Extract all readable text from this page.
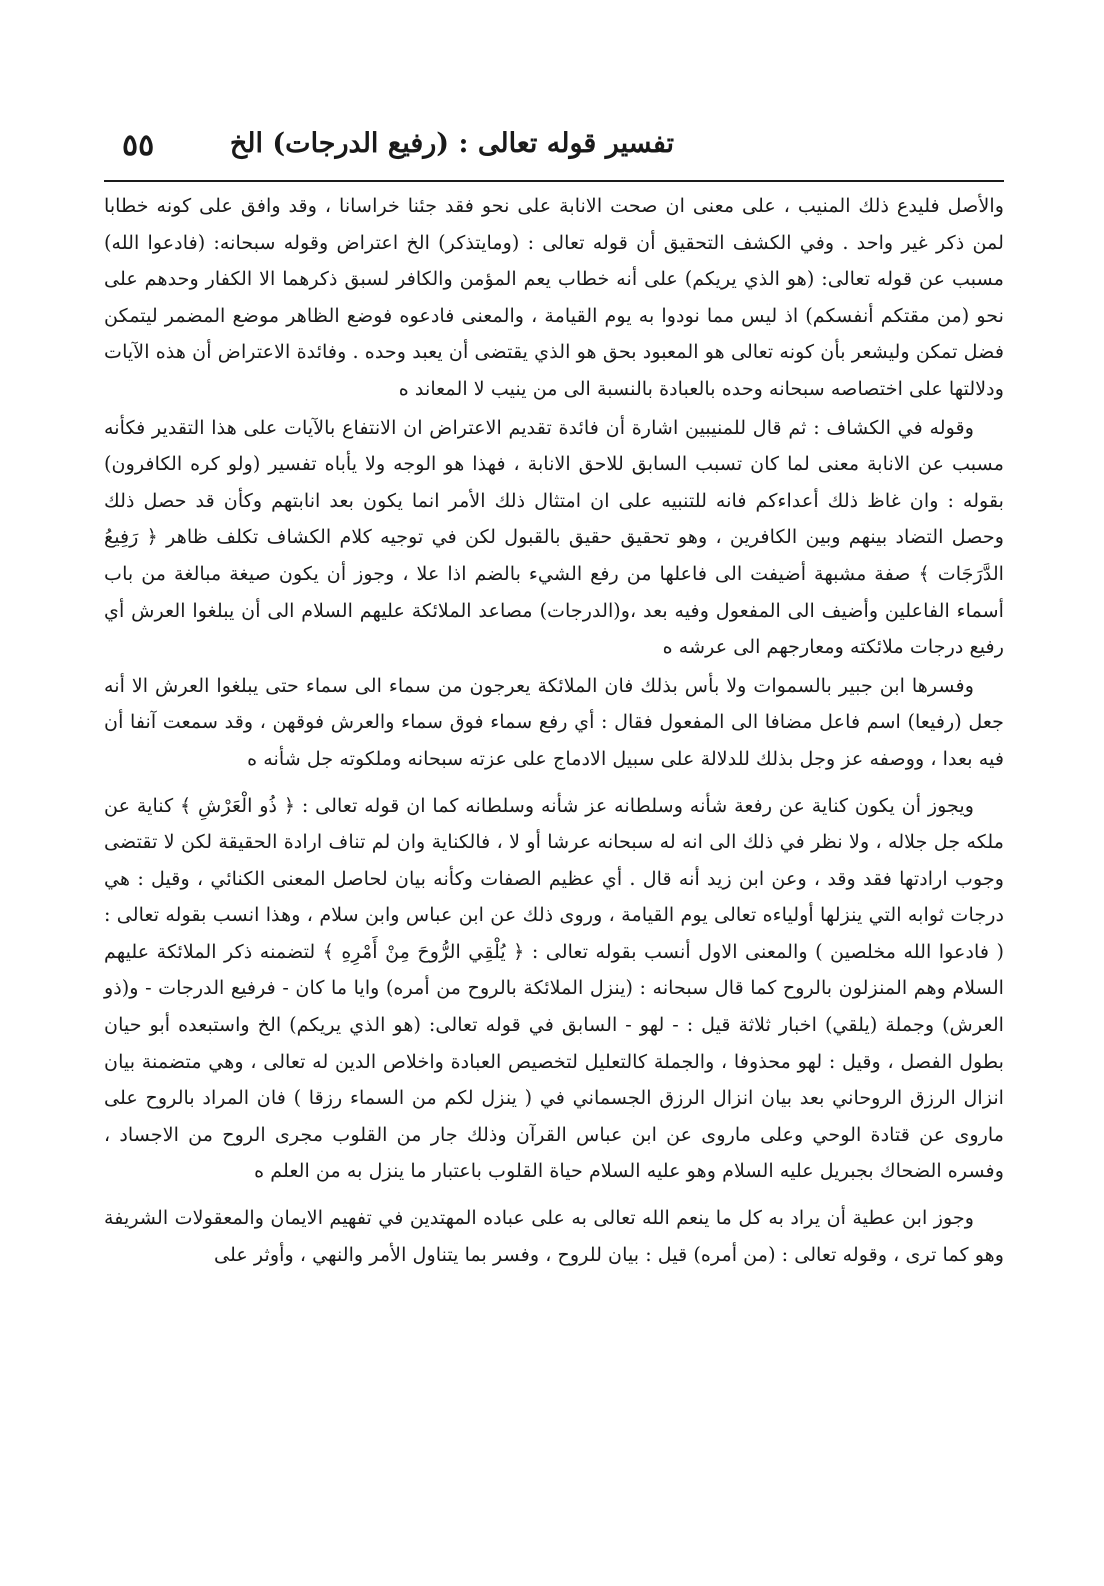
تفسير قوله تعالى : (رفيع الدرجات) الخ
٥٥

والأصل فليدع ذلك المنيب ، على معنى ان صحت الانابة على نحو فقد جئنا خراسانا ، وقد وافق على كونه خطابا لمن ذكر غير واحد . وفي الكشف التحقيق أن قوله تعالى : (ومايتذكر) الخ اعتراض وقوله سبحانه: (فادعوا الله) مسبب عن قوله تعالى: (هو الذي يريكم) على أنه خطاب يعم المؤمن والكافر لسبق ذكرهما الا الكفار وحدهم على نحو (من مقتكم أنفسكم) اذ ليس مما نودوا به يوم القيامة ، والمعنى فادعوه فوضع الظاهر موضع المضمر ليتمكن فضل تمكن وليشعر بأن كونه تعالى هو المعبود بحق هو الذي يقتضى أن يعبد وحده . وفائدة الاعتراض أن هذه الآيات ودلالتها على اختصاصه سبحانه وحده بالعبادة بالنسبة الى من ينيب لا المعاند ه

وقوله في الكشاف : ثم قال للمنيبين اشارة أن فائدة تقديم الاعتراض ان الانتفاع بالآيات على هذا التقدير فكأنه مسبب عن الانابة معنى لما كان تسبب السابق للاحق الانابة ، فهذا هو الوجه ولا يأباه تفسير (ولو كره الكافرون) بقوله : وان غاظ ذلك أعداءكم فانه للتنبيه على ان امتثال ذلك الأمر انما يكون بعد انابتهم وكأن قد حصل ذلك وحصل التضاد بينهم وبين الكافرين ، وهو تحقيق حقيق بالقبول لكن في توجيه كلام الكشاف تكلف ظاهر ﴿ رَفِيعُ الدَّرَجَات ﴾ صفة مشبهة أضيفت الى فاعلها من رفع الشيء بالضم اذا علا ، وجوز أن يكون صيغة مبالغة من باب أسماء الفاعلين وأضيف الى المفعول وفيه بعد ،و(الدرجات) مصاعد الملائكة عليهم السلام الى أن يبلغوا العرش أي رفيع درجات ملائكته ومعارجهم الى عرشه ه

وفسرها ابن جبير بالسموات ولا بأس بذلك فان الملائكة يعرجون من سماء الى سماء حتى يبلغوا العرش الا أنه جعل (رفيعا) اسم فاعل مضافا الى المفعول فقال : أي رفع سماء فوق سماء والعرش فوقهن ، وقد سمعت آنفا أن فيه بعدا ، ووصفه عز وجل بذلك للدلالة على سبيل الادماج على عزته سبحانه وملكوته جل شأنه ه

ويجوز أن يكون كناية عن رفعة شأنه وسلطانه عز شأنه وسلطانه كما ان قوله تعالى : ﴿ ذُو الْعَرْشِ ﴾ كناية عن ملكه جل جلاله ، ولا نظر في ذلك الى انه له سبحانه عرشا أو لا ، فالكناية وان لم تناف ارادة الحقيقة لكن لا تقتضى وجوب ارادتها فقد وقد ، وعن ابن زيد أنه قال . أي عظيم الصفات وكأنه بيان لحاصل المعنى الكنائي ، وقيل : هي درجات ثوابه التي ينزلها أولياءه تعالى يوم القيامة ، وروى ذلك عن ابن عباس وابن سلام ، وهذا انسب بقوله تعالى : ( فادعوا الله مخلصين ) والمعنى الاول أنسب بقوله تعالى : ﴿ يُلْقِي الرُّوحَ مِنْ أَمْرِهِ ﴾ لتضمنه ذكر الملائكة عليهم السلام وهم المنزلون بالروح كما قال سبحانه : (ينزل الملائكة بالروح من أمره) وايا ما كان - فرفيع الدرجات - و(ذو العرش) وجملة (يلقي) اخبار ثلاثة قيل : - لهو - السابق في قوله تعالى: (هو الذي يريكم) الخ واستبعده أبو حيان بطول الفصل ، وقيل : لهو محذوفا ، والجملة كالتعليل لتخصيص العبادة واخلاص الدين له تعالى ، وهي متضمنة بيان انزال الرزق الروحاني بعد بيان انزال الرزق الجسماني في ( ينزل لكم من السماء رزقا ) فان المراد بالروح على ماروى عن قتادة الوحي وعلى ماروى عن ابن عباس القرآن وذلك جار من القلوب مجرى الروح من الاجساد ، وفسره الضحاك بجبريل عليه السلام وهو عليه السلام حياة القلوب باعتبار ما ينزل به من العلم ه

وجوز ابن عطية أن يراد به كل ما ينعم الله تعالى به على عباده المهتدين في تفهيم الايمان والمعقولات الشريفة وهو كما ترى ، وقوله تعالى : (من أمره) قيل : بيان للروح ، وفسر بما يتناول الأمر والنهي ، وأوثر على
